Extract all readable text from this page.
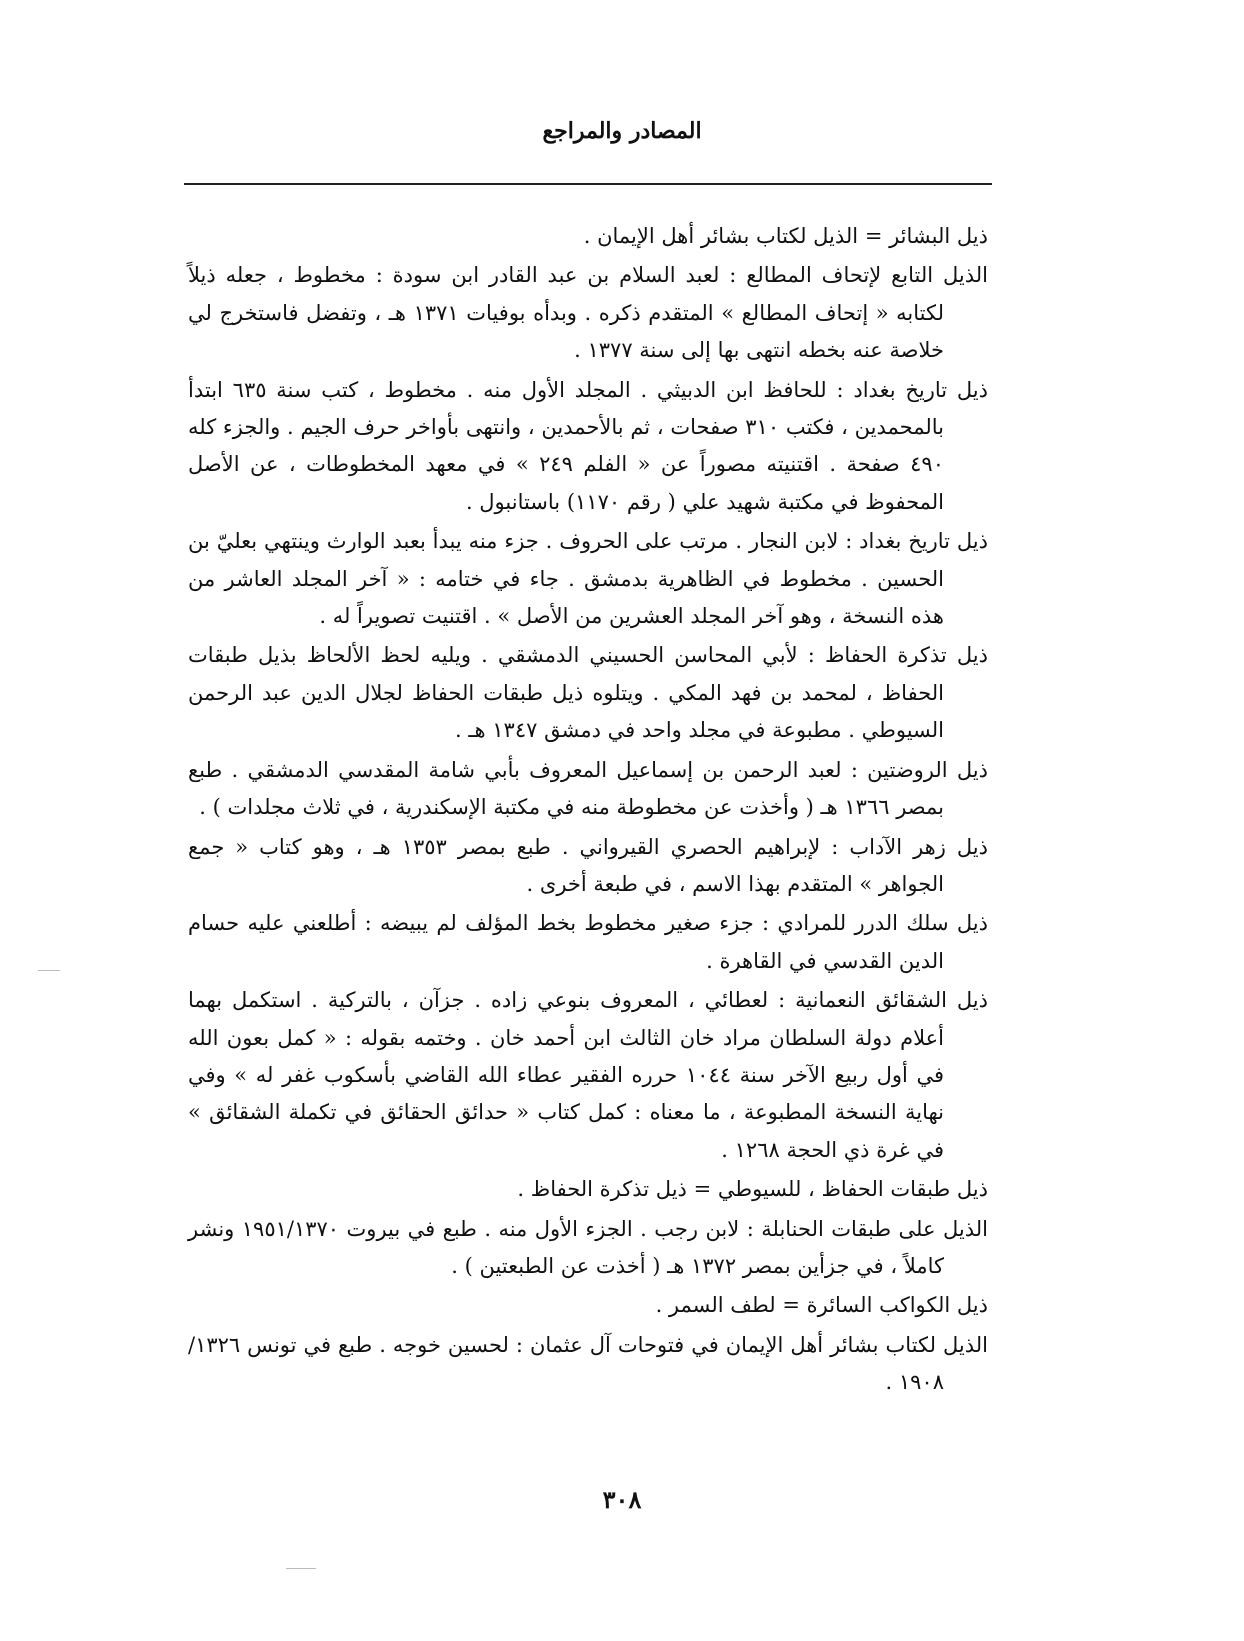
المصادر والمراجع

ذيل البشائر = الذيل لكتاب بشائر أهل الإيمان .

الذيل التابع لإتحاف المطالع : لعبد السلام بن عبد القادر ابن سودة : مخطوط ، جعله ذيلاً لكتابه « إتحاف المطالع » المتقدم ذكره . وبدأه بوفيات ١٣٧١ هـ ، وتفضل فاستخرج لي خلاصة عنه بخطه انتهى بها إلى سنة ١٣٧٧ .

ذيل تاريخ بغداد : للحافظ ابن الدبيثي . المجلد الأول منه . مخطوط ، كتب سنة ٦٣٥ ابتدأ بالمحمدين ، فكتب ٣١٠ صفحات ، ثم بالأحمدين ، وانتهى بأواخر حرف الجيم . والجزء كله ٤٩٠ صفحة . اقتنيته مصوراً عن « الفلم ٢٤٩ » في معهد المخطوطات ، عن الأصل المحفوظ في مكتبة شهيد علي ( رقم ١١٧٠) باستانبول .

ذيل تاريخ بغداد : لابن النجار . مرتب على الحروف . جزء منه يبدأ بعبد الوارث وينتهي بعليّ بن الحسين . مخطوط في الظاهرية بدمشق . جاء في ختامه : « آخر المجلد العاشر من هذه النسخة ، وهو آخر المجلد العشرين من الأصل » . اقتنيت تصويراً له .

ذيل تذكرة الحفاظ : لأبي المحاسن الحسيني الدمشقي . ويليه لحظ الألحاظ بذيل طبقات الحفاظ ، لمحمد بن فهد المكي . ويتلوه ذيل طبقات الحفاظ لجلال الدين عبد الرحمن السيوطي . مطبوعة في مجلد واحد في دمشق ١٣٤٧ هـ .

ذيل الروضتين : لعبد الرحمن بن إسماعيل المعروف بأبي شامة المقدسي الدمشقي . طبع بمصر ١٣٦٦ هـ ( وأخذت عن مخطوطة منه في مكتبة الإسكندرية ، في ثلاث مجلدات ) .

ذيل زهر الآداب : لإبراهيم الحصري القيرواني . طبع بمصر ١٣٥٣ هـ ، وهو كتاب « جمع الجواهر » المتقدم بهذا الاسم ، في طبعة أخرى .

ذيل سلك الدرر للمرادي : جزء صغير مخطوط بخط المؤلف لم يبيضه : أطلعني عليه حسام الدين القدسي في القاهرة .

ذيل الشقائق النعمانية : لعطائي ، المعروف بنوعي زاده . جزآن ، بالتركية . استكمل بهما أعلام دولة السلطان مراد خان الثالث ابن أحمد خان . وختمه بقوله : « كمل بعون الله في أول ربيع الآخر سنة ١٠٤٤ حرره الفقير عطاء الله القاضي بأسكوب غفر له » وفي نهاية النسخة المطبوعة ، ما معناه : كمل كتاب « حدائق الحقائق في تكملة الشقائق » في غرة ذي الحجة ١٢٦٨ .

ذيل طبقات الحفاظ ، للسيوطي = ذيل تذكرة الحفاظ .

الذيل على طبقات الحنابلة : لابن رجب . الجزء الأول منه . طبع في بيروت ١٩٥١/١٣٧٠ ونشر كاملاً ، في جزأين بمصر ١٣٧٢ هـ ( أخذت عن الطبعتين ) .

ذيل الكواكب السائرة = لطف السمر .

الذيل لكتاب بشائر أهل الإيمان في فتوحات آل عثمان : لحسين خوجه . طبع في تونس ١٣٢٦/ ١٩٠٨ .

٣٠٨
